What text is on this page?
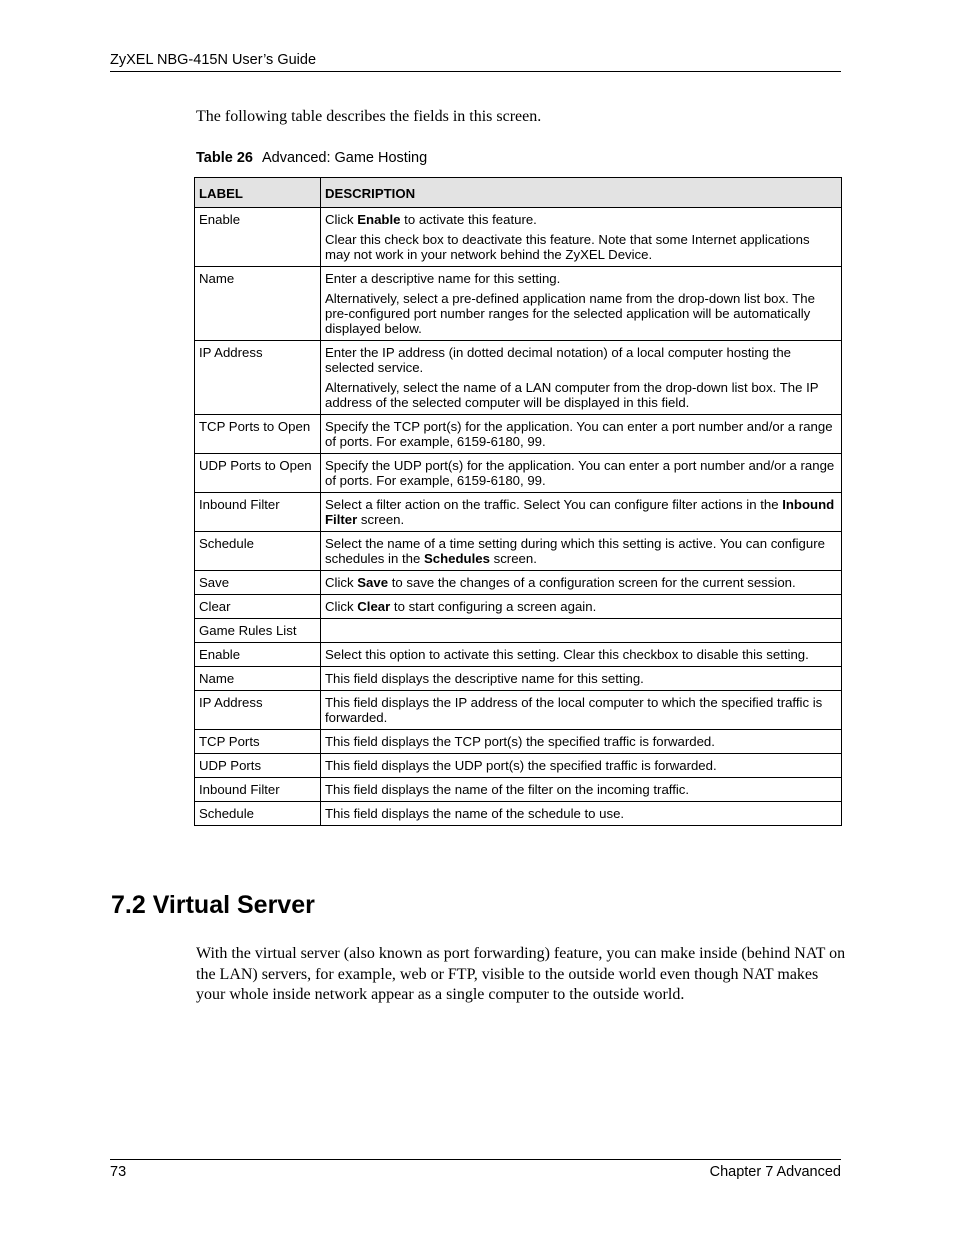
ZyXEL NBG-415N User’s Guide
The following table describes the fields in this screen.
Table 26 Advanced: Game Hosting
LABEL	DESCRIPTION
Enable	Click Enable to activate this feature.

Clear this check box to deactivate this feature. Note that some Internet applications may not work in your network behind the ZyXEL Device.

Name	Enter a descriptive name for this setting.

Alternatively, select a pre-defined application name from the drop-down list box. The pre-configured port number ranges for the selected application will be automatically displayed below.

IP Address	Enter the IP address (in dotted decimal notation) of a local computer hosting the selected service.

Alternatively, select the name of a LAN computer from the drop-down list box. The IP address of the selected computer will be displayed in this field.

TCP Ports to Open	Specify the TCP port(s) for the application. You can enter a port number and/or a range of ports. For example, 6159-6180, 99.

UDP Ports to Open	Specify the UDP port(s) for the application. You can enter a port number and/or a range of ports. For example, 6159-6180, 99.

Inbound Filter	Select a filter action on the traffic. Select You can configure filter actions in the Inbound Filter screen.

Schedule	Select the name of a time setting during which this setting is active. You can configure schedules in the Schedules screen.

Save	Click Save to save the changes of a configuration screen for the current session.

Clear	Click Clear to start configuring a screen again.

Game Rules List	
Enable	Select this option to activate this setting. Clear this checkbox to disable this setting.

Name	This field displays the descriptive name for this setting.

IP Address	This field displays the IP address of the local computer to which the specified traffic is forwarded.

TCP Ports	This field displays the TCP port(s) the specified traffic is forwarded.

UDP Ports	This field displays the UDP port(s) the specified traffic is forwarded.

Inbound Filter	This field displays the name of the filter on the incoming traffic.

Schedule	This field displays the name of the schedule to use.

7.2 Virtual Server

With the virtual server (also known as port forwarding) feature, you can make inside (behind NAT on the LAN) servers, for example, web or FTP, visible to the outside world even though NAT makes your whole inside network appear as a single computer to the outside world.

73	Chapter 7 Advanced
